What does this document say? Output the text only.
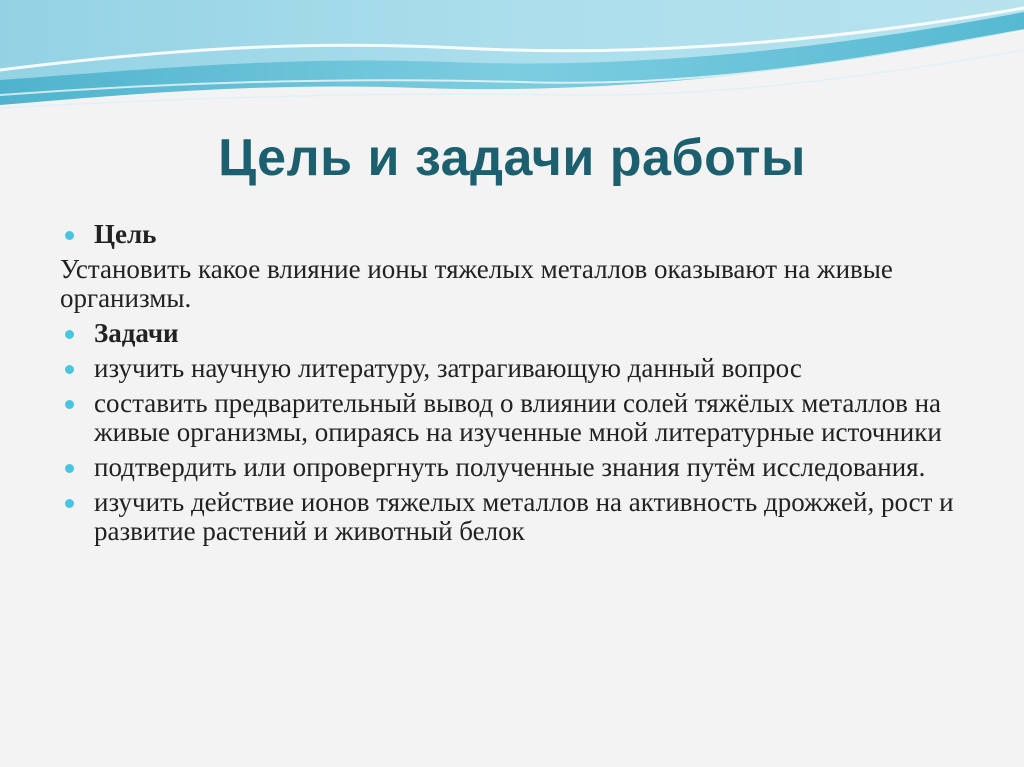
Цель и задачи работы
Цель
Установить какое влияние ионы тяжелых металлов оказывают на живые организмы.
Задачи
изучить научную литературу, затрагивающую данный вопрос
составить предварительный вывод о влиянии солей тяжёлых металлов на живые организмы, опираясь на изученные мной литературные источники
подтвердить или опровергнуть полученные знания путём исследования.
изучить действие ионов тяжелых металлов на активность дрожжей, рост и развитие растений и животный белок
